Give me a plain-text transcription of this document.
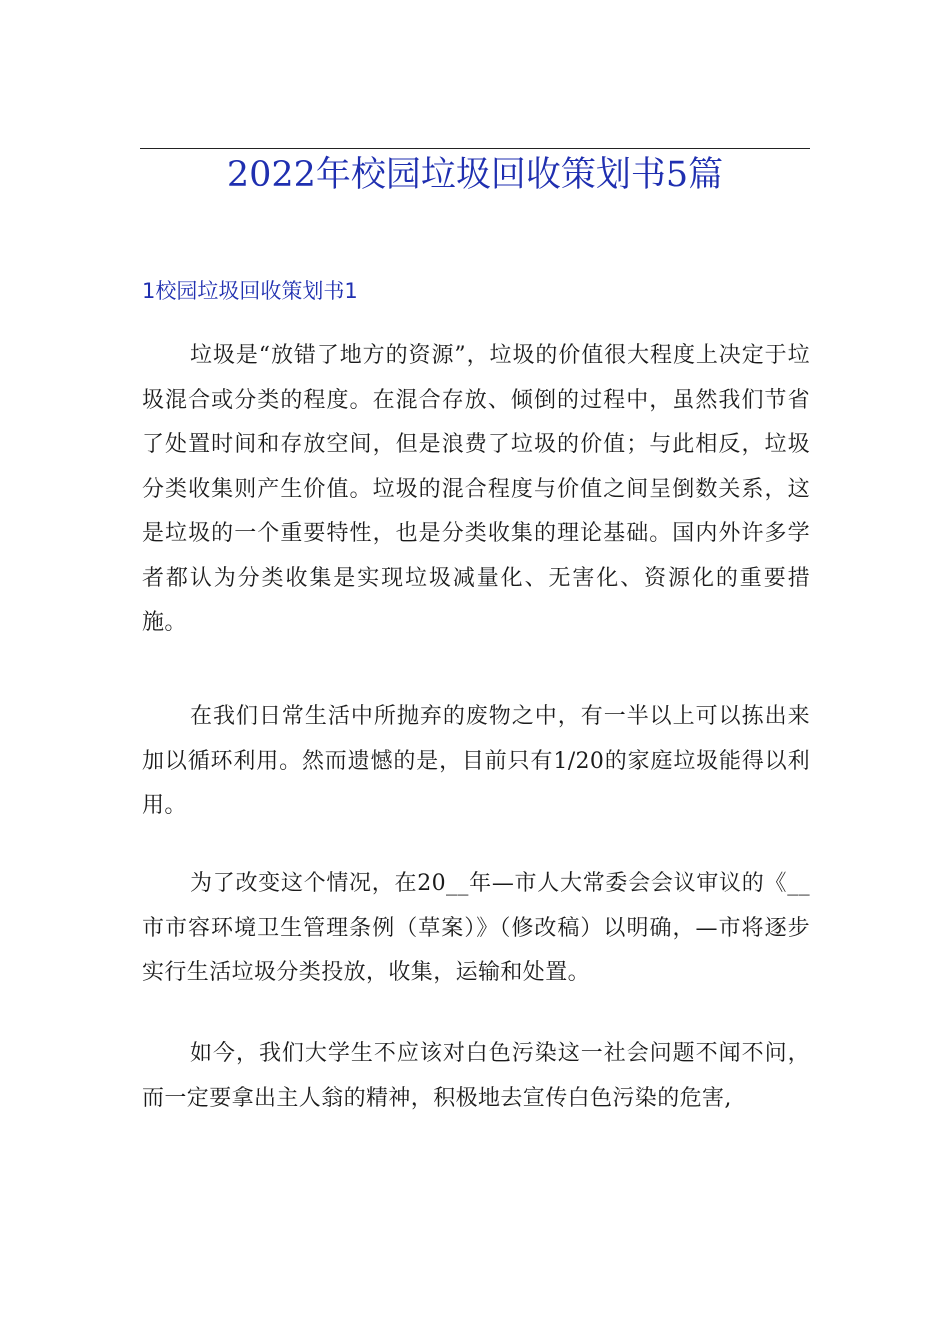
2022年校园垃圾回收策划书5篇
1校园垃圾回收策划书1

垃圾是“放错了地方的资源”，垃圾的价值很大程度上决定于垃圾混合或分类的程度。在混合存放、倾倒的过程中，虽然我们节省了处置时间和存放空间，但是浪费了垃圾的价值；与此相反，垃圾分类收集则产生价值。垃圾的混合程度与价值之间呈倒数关系，这是垃圾的一个重要特性，也是分类收集的理论基础。国内外许多学者都认为分类收集是实现垃圾减量化、无害化、资源化的重要措施。

在我们日常生活中所抛弃的废物之中，有一半以上可以拣出来加以循环利用。然而遗憾的是，目前只有1/20的家庭垃圾能得以利用。

为了改变这个情况，在20__年—市人大常委会会议审议的《__市市容环境卫生管理条例（草案）》（修改稿）以明确，—市将逐步实行生活垃圾分类投放，收集，运输和处置。

如今，我们大学生不应该对白色污染这一社会问题不闻不问，而一定要拿出主人翁的精神，积极地去宣传白色污染的危害,
